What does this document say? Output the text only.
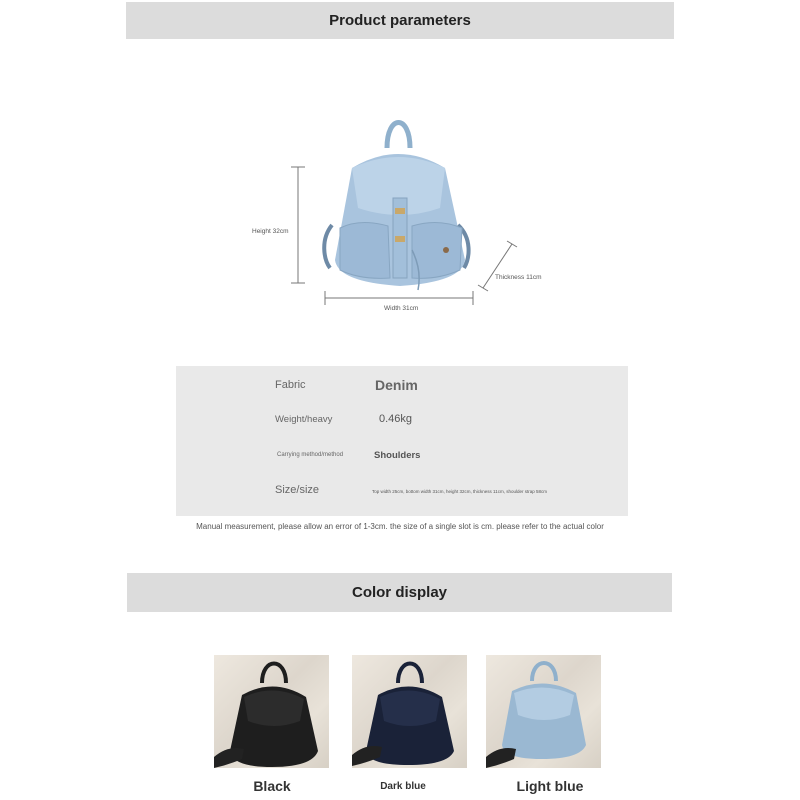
Product parameters
Height 32cm
Thickness 11cm
Width 31cm
Fabric	Denim
Weight/heavy	0.46kg
Carrying method/method	Shoulders
Size/size	Top width 25cm, bottom width 31cm, height 32cm, thickness 11cm, shoulder strap 58cm
Manual measurement, please allow an error of 1-3cm. the size of a single slot is cm. please refer to the actual color
Color display
Black	Dark blue	Light blue
